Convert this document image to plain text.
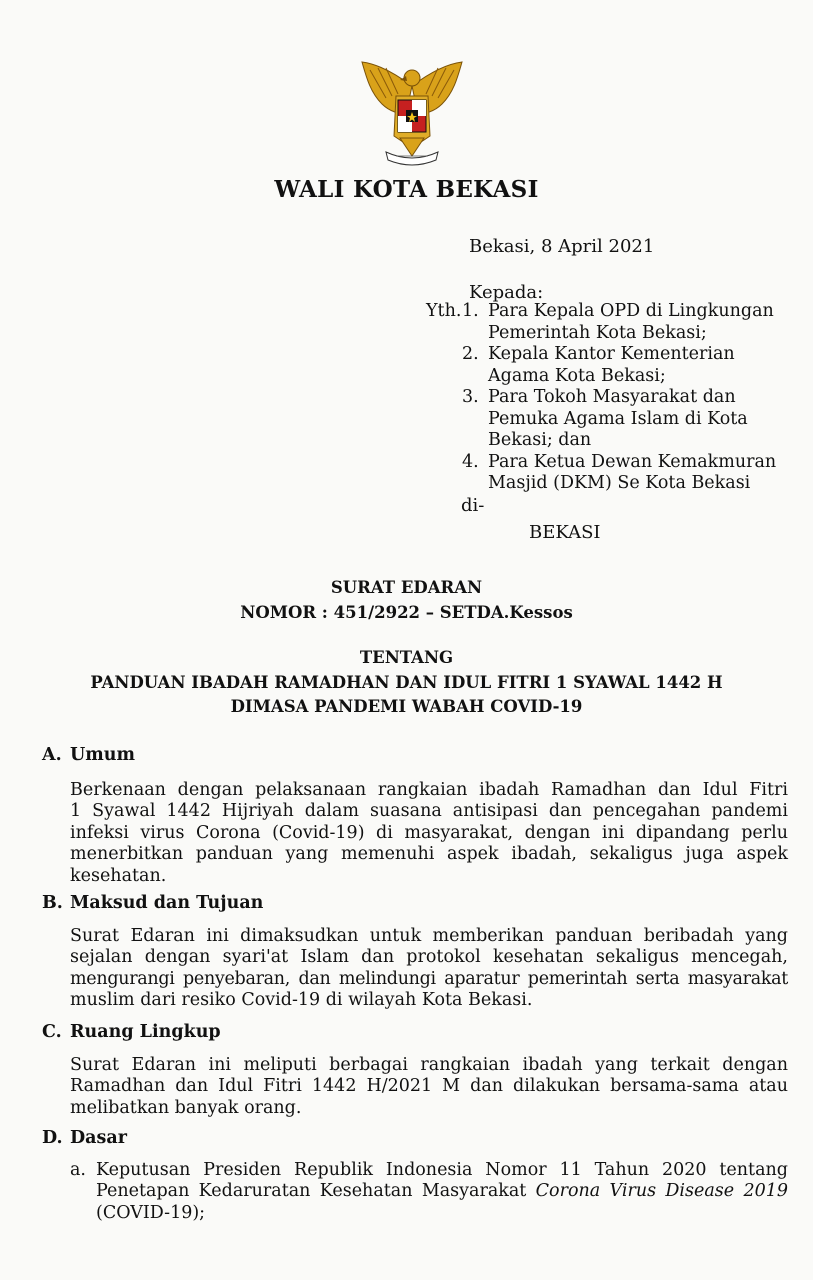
WALI KOTA BEKASI
Bekasi, 8 April 2021
Kepada:
Yth. 1. Para Kepala OPD di Lingkungan
Pemerintah Kota Bekasi;
2. Kepala Kantor Kementerian
Agama Kota Bekasi;
3. Para Tokoh Masyarakat dan
Pemuka Agama Islam di Kota
Bekasi; dan
4. Para Ketua Dewan Kemakmuran
Masjid (DKM) Se Kota Bekasi
di-
BEKASI
SURAT EDARAN
NOMOR : 451/2922 – SETDA.Kessos
TENTANG
PANDUAN IBADAH RAMADHAN DAN IDUL FITRI 1 SYAWAL 1442 H
DIMASA PANDEMI WABAH COVID-19
A. Umum
Berkenaan dengan pelaksanaan rangkaian ibadah Ramadhan dan Idul Fitri
1 Syawal 1442 Hijriyah dalam suasana antisipasi dan pencegahan pandemi
infeksi virus Corona (Covid-19) di masyarakat, dengan ini dipandang perlu
menerbitkan panduan yang memenuhi aspek ibadah, sekaligus juga aspek
kesehatan.
B. Maksud dan Tujuan
Surat Edaran ini dimaksudkan untuk memberikan panduan beribadah yang
sejalan dengan syari'at Islam dan protokol kesehatan sekaligus mencegah,
mengurangi penyebaran, dan melindungi aparatur pemerintah serta masyarakat
muslim dari resiko Covid-19 di wilayah Kota Bekasi.
C. Ruang Lingkup
Surat Edaran ini meliputi berbagai rangkaian ibadah yang terkait dengan
Ramadhan dan Idul Fitri 1442 H/2021 M dan dilakukan bersama-sama atau
melibatkan banyak orang.
D. Dasar
a. Keputusan Presiden Republik Indonesia Nomor 11 Tahun 2020 tentang
Penetapan Kedaruratan Kesehatan Masyarakat Corona Virus Disease 2019
(COVID-19);
